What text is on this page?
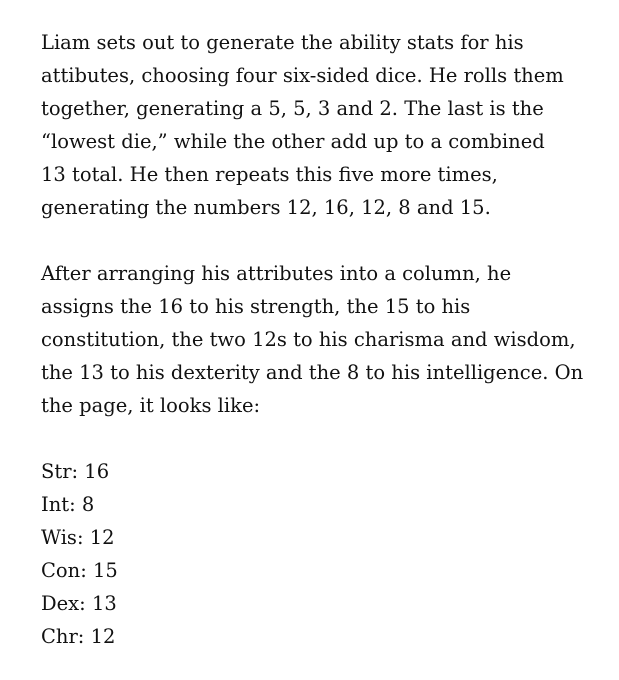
Liam sets out to generate the ability stats for his
attibutes, choosing four six-sided dice. He rolls them
together, generating a 5, 5, 3 and 2. The last is the
“lowest die,” while the other add up to a combined
13 total. He then repeats this five more times,
generating the numbers 12, 16, 12, 8 and 15.

After arranging his attributes into a column, he
assigns the 16 to his strength, the 15 to his
constitution, the two 12s to his charisma and wisdom,
the 13 to his dexterity and the 8 to his intelligence. On
the page, it looks like:

Str: 16
Int: 8
Wis: 12
Con: 15
Dex: 13
Chr: 12
